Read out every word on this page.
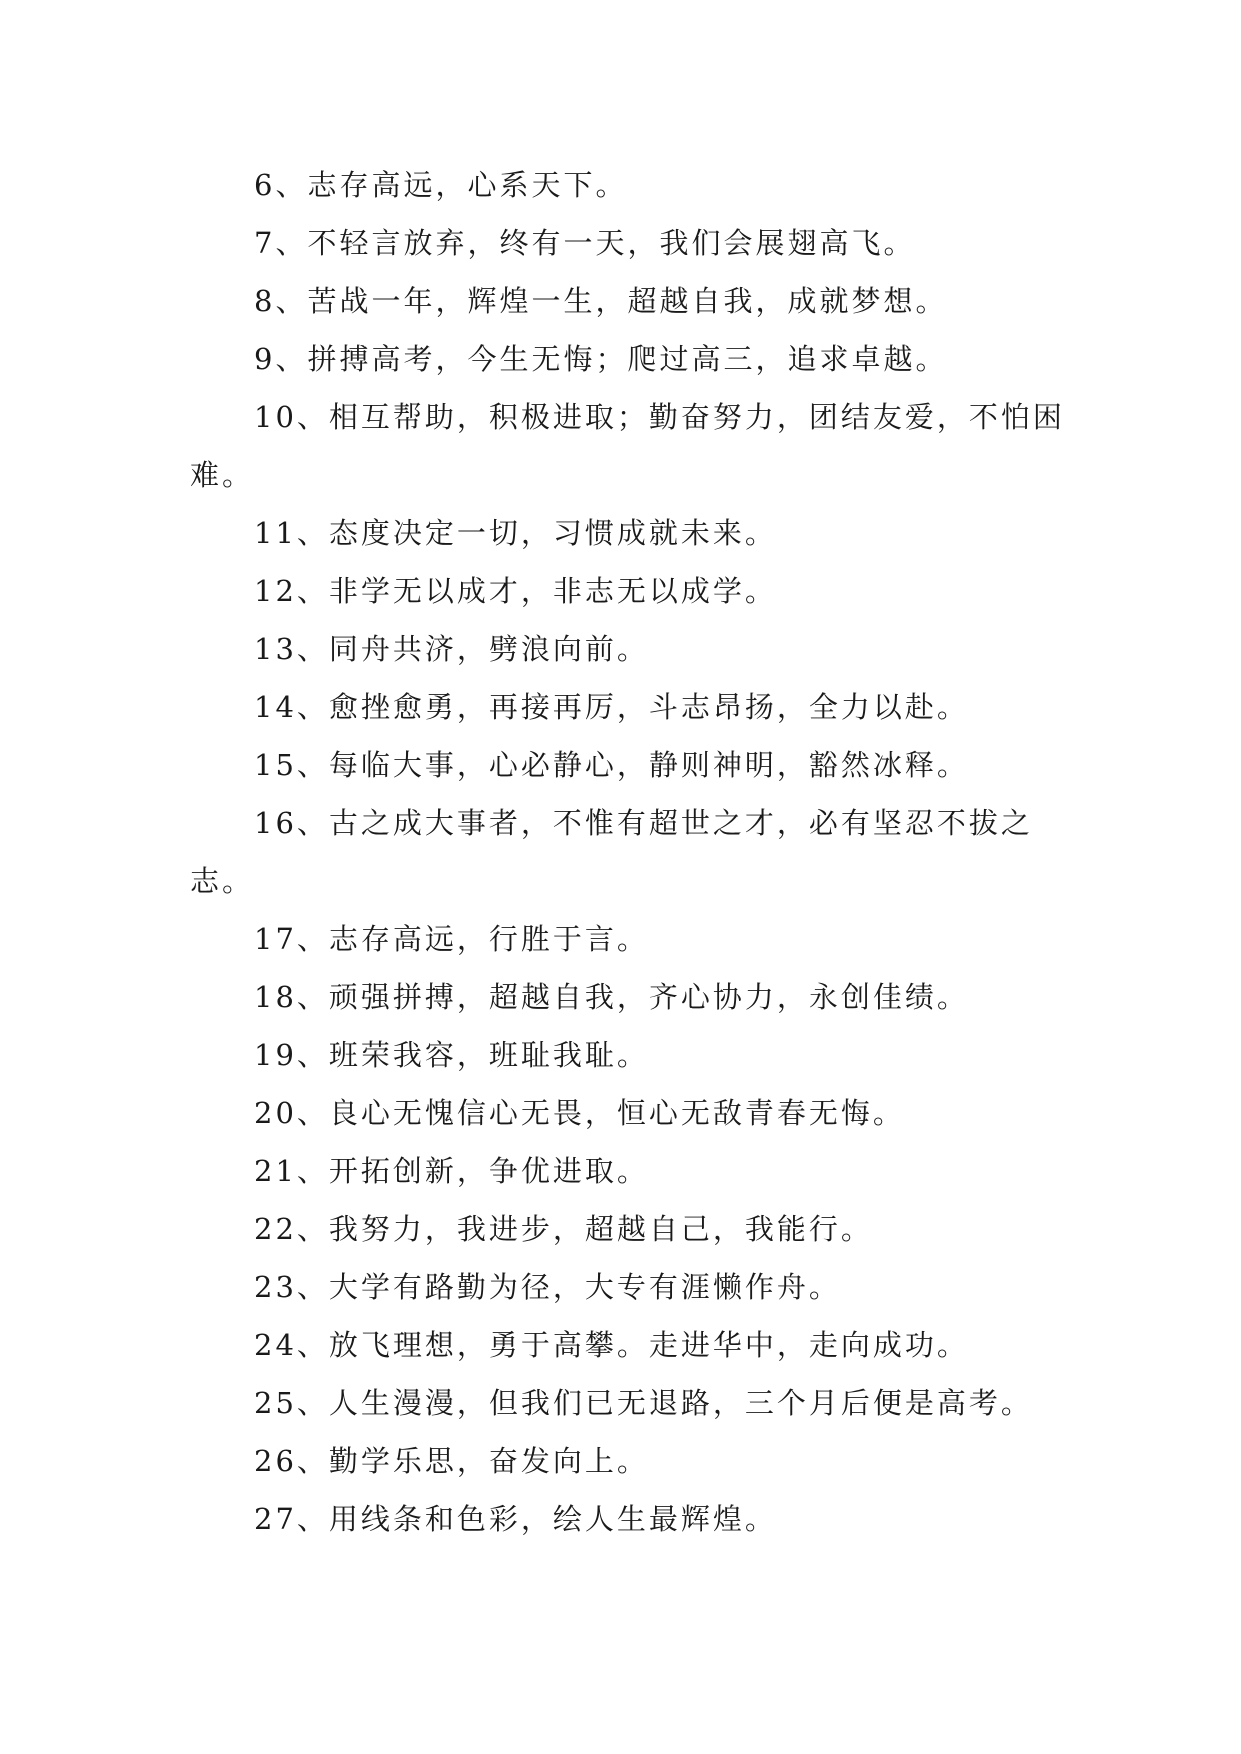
6、志存高远，心系天下。

7、不轻言放弃，终有一天，我们会展翅高飞。

8、苦战一年，辉煌一生，超越自我，成就梦想。

9、拼搏高考，今生无悔；爬过高三，追求卓越。

10、相互帮助，积极进取；勤奋努力，团结友爱，不怕困难。

11、态度决定一切，习惯成就未来。

12、非学无以成才，非志无以成学。

13、同舟共济，劈浪向前。

14、愈挫愈勇，再接再厉，斗志昂扬，全力以赴。

15、每临大事，心必静心，静则神明，豁然冰释。

16、古之成大事者，不惟有超世之才，必有坚忍不拔之志。

17、志存高远，行胜于言。

18、顽强拼搏，超越自我，齐心协力，永创佳绩。

19、班荣我容，班耻我耻。

20、良心无愧信心无畏，恒心无敌青春无悔。

21、开拓创新，争优进取。

22、我努力，我进步，超越自己，我能行。

23、大学有路勤为径，大专有涯懒作舟。

24、放飞理想，勇于高攀。走进华中，走向成功。

25、人生漫漫，但我们已无退路，三个月后便是高考。

26、勤学乐思，奋发向上。

27、用线条和色彩，绘人生最辉煌。
